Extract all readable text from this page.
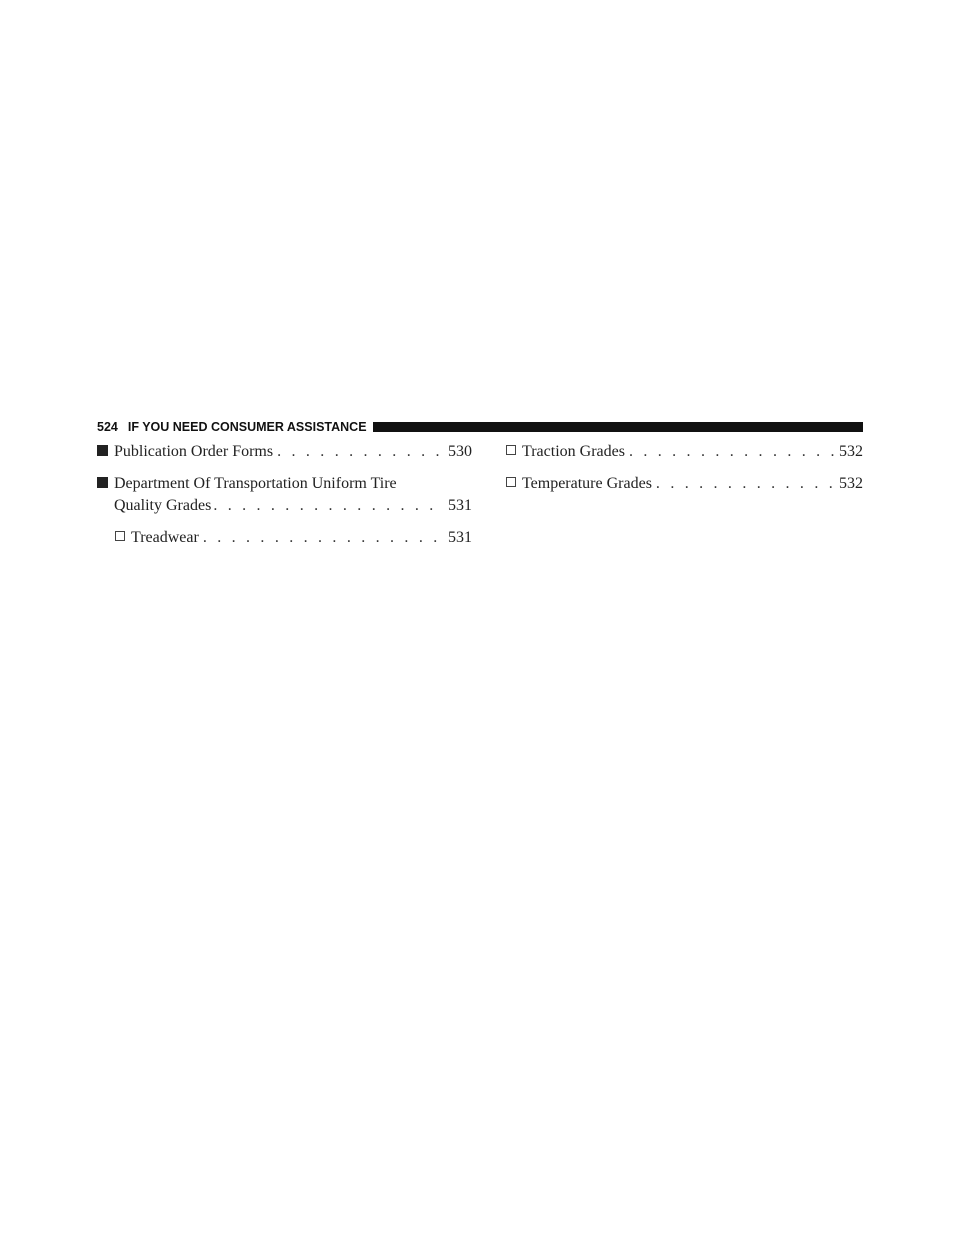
524 IF YOU NEED CONSUMER ASSISTANCE
Publication Order Forms . . .	530
Department Of Transportation Uniform Tire
Quality Grades . . .	531
Treadwear . . .	531
Traction Grades . . .	532
Temperature Grades . . .	532
